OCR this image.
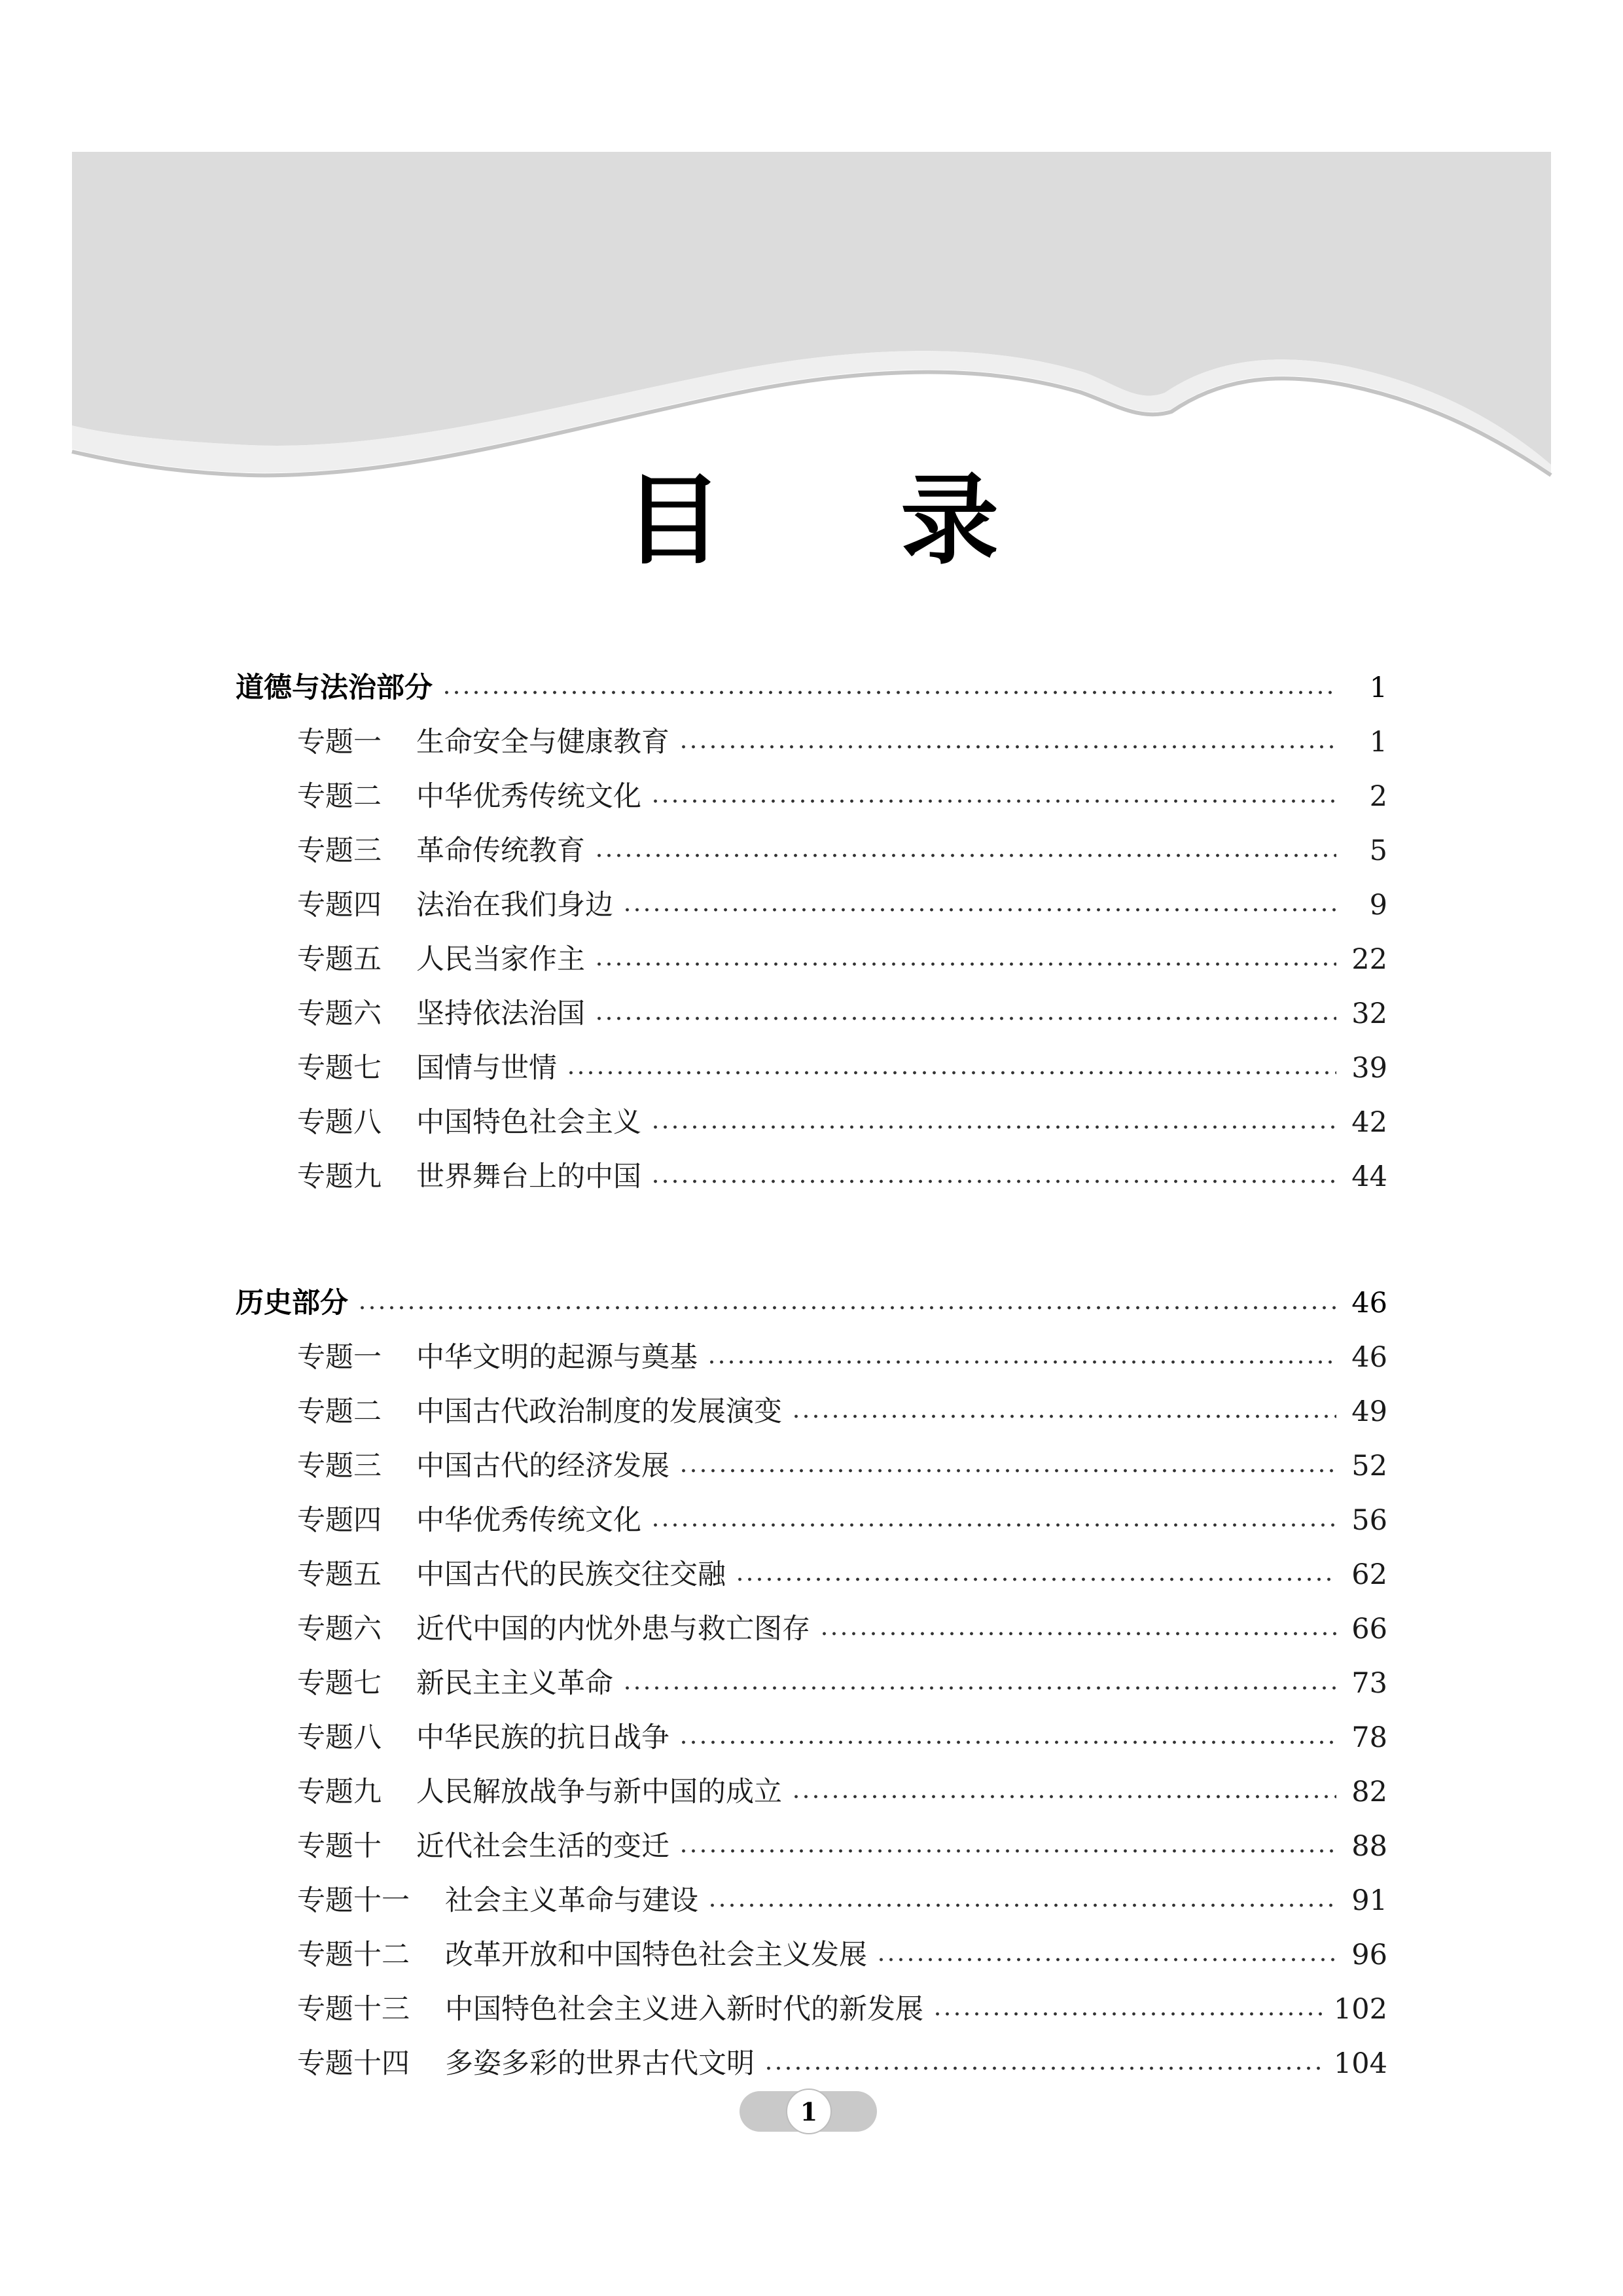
目 录
道德与法治部分	1
专题一	生命安全与健康教育	1
专题二	中华优秀传统文化	2
专题三	革命传统教育	5
专题四	法治在我们身边	9
专题五	人民当家作主	22
专题六	坚持依法治国	32
专题七	国情与世情	39
专题八	中国特色社会主义	42
专题九	世界舞台上的中国	44
历史部分	46
专题一	中华文明的起源与奠基	46
专题二	中国古代政治制度的发展演变	49
专题三	中国古代的经济发展	52
专题四	中华优秀传统文化	56
专题五	中国古代的民族交往交融	62
专题六	近代中国的内忧外患与救亡图存	66
专题七	新民主主义革命	73
专题八	中华民族的抗日战争	78
专题九	人民解放战争与新中国的成立	82
专题十	近代社会生活的变迁	88
专题十一	社会主义革命与建设	91
专题十二	改革开放和中国特色社会主义发展	96
专题十三	中国特色社会主义进入新时代的新发展	102
专题十四	多姿多彩的世界古代文明	104
1
